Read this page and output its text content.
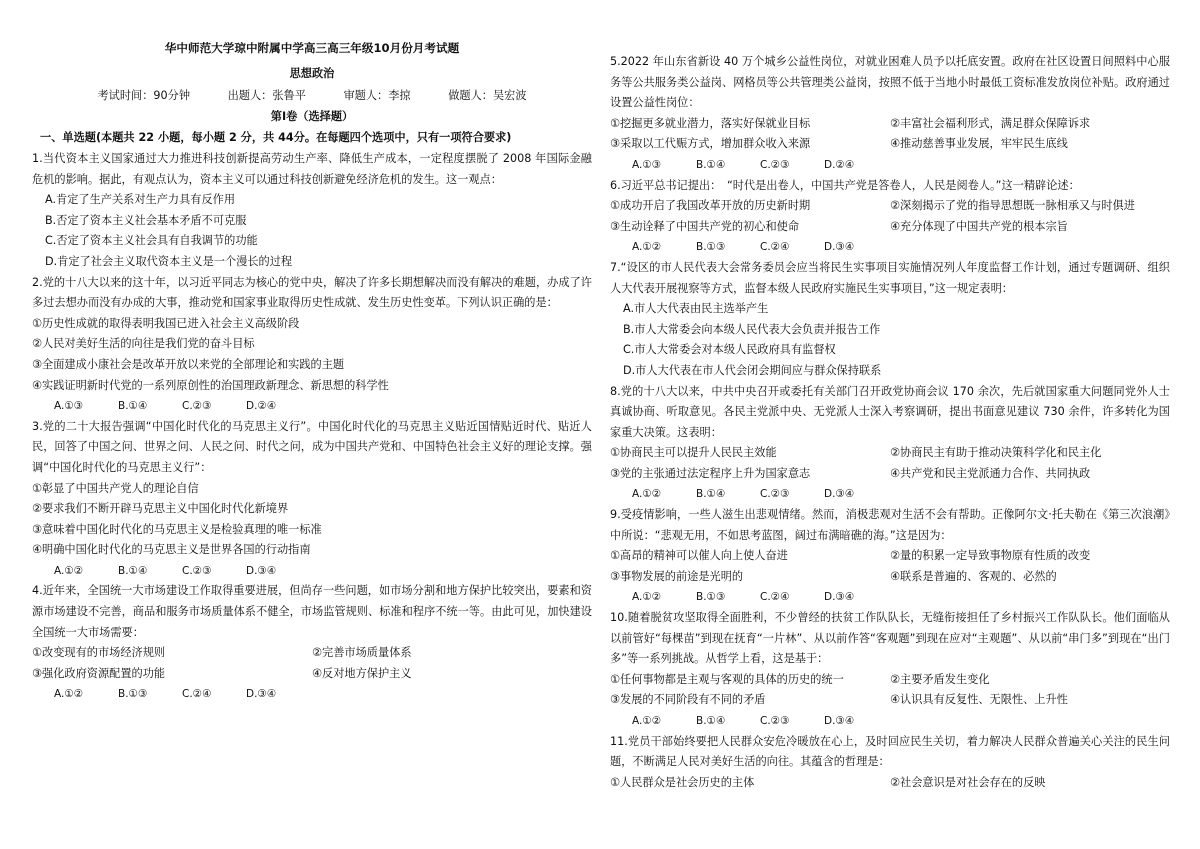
华中师范大学琼中附属中学高三高三年级10月份月考试题
思想政治
考试时间：90分钟	出题人：张鲁平	审题人：李掠	做题人：吴宏波
第Ⅰ卷（选择题）
一、单选题(本题共 22 小题，每小题 2 分，共 44分。在每题四个选项中，只有一项符合要求)

1.当代资本主义国家通过大力推进科技创新提高劳动生产率、降低生产成本，一定程度摆脱了 2008 年国际金融危机的影响。据此，有观点认为，资本主义可以通过科技创新避免经济危机的发生。这一观点：

A.肯定了生产关系对生产力具有反作用

B.否定了资本主义社会基本矛盾不可克服

C.否定了资本主义社会具有自我调节的功能

D.肯定了社会主义取代资本主义是一个漫长的过程

2.党的十八大以来的这十年，以习近平同志为核心的党中央，解决了许多长期想解决而没有解决的难题，办成了许多过去想办而没有办成的大事，推动党和国家事业取得历史性成就、发生历史性变革。下列认识正确的是：

①历史性成就的取得表明我国已进入社会主义高级阶段

②人民对美好生活的向往是我们党的奋斗目标

③全面建成小康社会是改革开放以来党的全部理论和实践的主题

④实践证明新时代党的一系列原创性的治国理政新理念、新思想的科学性

A.①③	B.①④	C.②③	D.②④

3.党的二十大报告强调“中国化时代化的马克思主义行”。中国化时代化的马克思主义贴近国情贴近时代、贴近人民，回答了中国之问、世界之问、人民之问、时代之问，成为中国共产党和、中国特色社会主义好的理论支撑。强调“中国化时代化的马克思主义行”：

①彰显了中国共产党人的理论自信

②要求我们不断开辟马克思主义中国化时代化新境界

③意味着中国化时代化的马克思主义是检验真理的唯一标准

④明确中国化时代化的马克思主义是世界各国的行动指南

A.①②	B.①④	C.②③	D.③④

4.近年来，全国统一大市场建设工作取得重要进展，但尚存一些问题，如市场分割和地方保护比较突出，要素和资源市场建设不完善，商品和服务市场质量体系不健全，市场监管规则、标准和程序不统一等。由此可见，加快建设全国统一大市场需要：

①改变现有的市场经济规则	②完善市场质量体系
③强化政府资源配置的功能	④反对地方保护主义
A.①②	B.①③	C.②④	D.③④

5.2022 年山东省新设 40 万个城乡公益性岗位，对就业困难人员予以托底安置。政府在社区设置日间照料中心服务等公共服务类公益岗、网格员等公共管理类公益岗，按照不低于当地小时最低工资标准发放岗位补贴。政府通过设置公益性岗位：

①挖掘更多就业潜力，落实好保就业目标	②丰富社会福利形式，满足群众保障诉求
③采取以工代赈方式，增加群众收入来源	④推动慈善事业发展，牢牢民生底线
A.①③	B.①④	C.②③	D.②④

6.习近平总书记提出：　“时代是出卷人，中国共产党是答卷人，人民是阅卷人。”这一精辟论述：

①成功开启了我国改革开放的历史新时期	②深刻揭示了党的指导思想既一脉相承又与时俱进
③生动诠释了中国共产党的初心和使命	④充分体现了中国共产党的根本宗旨
A.①②	B.①③	C.②④	D.③④

7.“设区的市人民代表大会常务委员会应当将民生实事项目实施情况列人年度监督工作计划，通过专题调研、组织人大代表开展视察等方式，监督本级人民政府实施民生实事项目，”这一规定表明：

A.市人大代表由民主选举产生

B.市人大常委会向本级人民代表大会负责并报告工作

C.市人大常委会对本级人民政府具有监督权

D.市人大代表在市人代会闭会期间应与群众保持联系

8.党的十八大以来，中共中央召开或委托有关部门召开政党协商会议 170 余次，先后就国家重大问题同党外人士真诚协商、听取意见。各民主党派中央、无党派人士深入考察调研，提出书面意见建议 730 余件，许多转化为国家重大决策。这表明：

①协商民主可以提升人民民主效能	②协商民主有助于推动决策科学化和民主化
③党的主张通过法定程序上升为国家意志	④共产党和民主党派通力合作、共同执政
A.①②	B.①④	C.②③	D.③④

9.受疫情影响，一些人滋生出悲观情绪。然而，消极悲观对生活不会有帮助。正像阿尔文·托夫勒在《第三次浪潮》中所说：“悲观无用，不如思考蓝图，阔过布满暗礁的海。”这是因为：

①高昂的精神可以催人向上使人奋进	②量的积累一定导致事物原有性质的改变
③事物发展的前途是光明的	④联系是普遍的、客观的、必然的
A.①②	B.①③	C.②④	D.③④

10.随着脱贫攻坚取得全面胜利，不少曾经的扶贫工作队队长，无缝衔接担任了乡村振兴工作队队长。他们面临从以前管好“每棵苗”到现在抚育“一片林”、从以前作答“客观题”到现在应对“主观题”、从以前“串门多”到现在“出门多”等一系列挑战。从哲学上看，这是基于：

①任何事物都是主观与客观的具体的历史的统一	②主要矛盾发生变化
③发展的不同阶段有不同的矛盾	④认识具有反复性、无限性、上升性
A.①②	B.①④	C.②③	D.③④

11.党员干部始终要把人民群众安危冷暖放在心上，及时回应民生关切，着力解决人民群众普遍关心关注的民生问题，不断满足人民对美好生活的向往。其蕴含的哲理是：

①人民群众是社会历史的主体	②社会意识是对社会存在的反映
